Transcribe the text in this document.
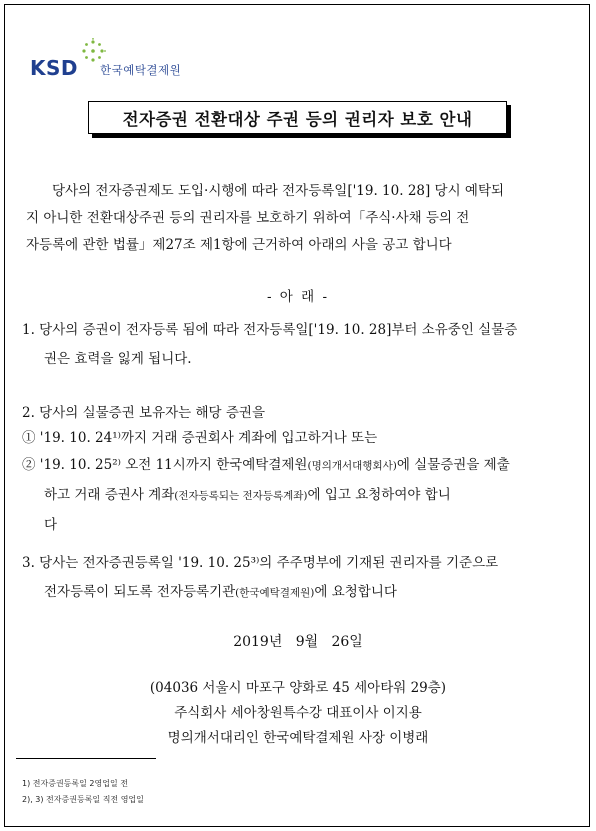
KSD 한국예탁결제원
전자증권 전환대상 주권 등의 권리자 보호 안내
당사의 전자증권제도 도입·시행에 따라 전자등록일['19. 10. 28] 당시 예탁되
지 아니한 전환대상주권 등의 권리자를 보호하기 위하여「주식·사채 등의 전
자등록에 관한 법률」제27조 제1항에 근거하여 아래의 사을 공고 합니다
- 아 래 -
1. 당사의 증권이 전자등록 됨에 따라 전자등록일['19. 10. 28]부터 소유중인 실물증
권은 효력을 잃게 됩니다.
2. 당사의 실물증권 보유자는 해당 증권을
① '19. 10. 24¹⁾까지 거래 증권회사 계좌에 입고하거나 또는
② '19. 10. 25²⁾ 오전 11시까지 한국예탁결제원(명의개서대행회사)에 실물증권을 제출
하고 거래 증권사 계좌(전자등록되는 전자등록계좌)에 입고 요청하여야 합니
다
3. 당사는 전자증권등록일 '19. 10. 25³⁾의 주주명부에 기재된 권리자를 기준으로
전자등록이 되도록 전자등록기관(한국예탁결제원)에 요청합니다
2019년   9월   26일
(04036 서울시 마포구 양화로 45 세아타워 29층)
주식회사 세아창원특수강 대표이사 이지용
명의개서대리인 한국예탁결제원 사장 이병래
1) 전자증권등록일 2영업일 전
2), 3) 전자증권등록일 직전 영업일
